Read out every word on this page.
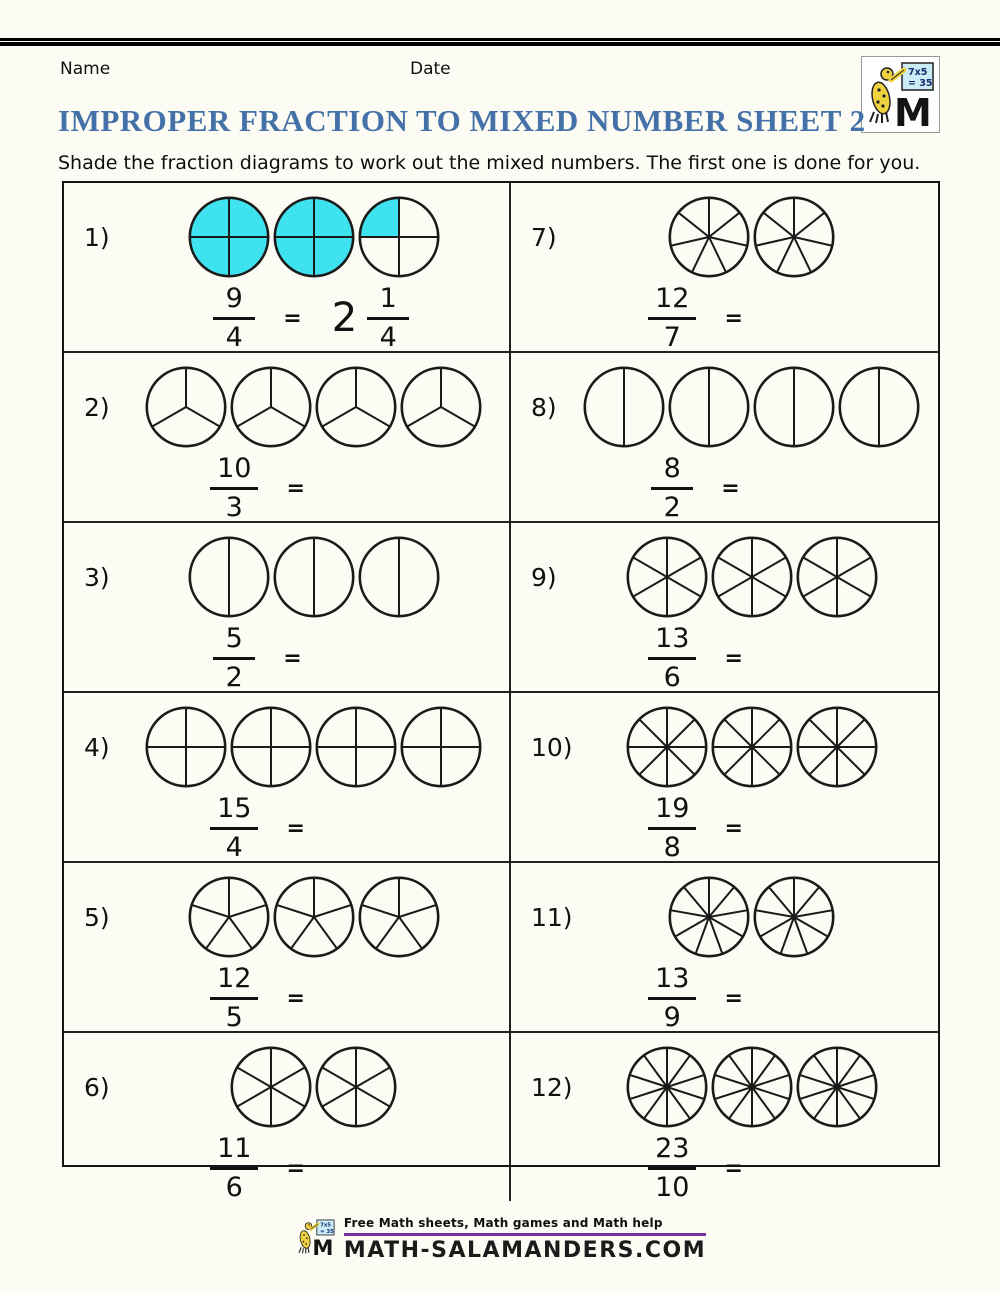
Name	Date
M
7x5
= 35
IMPROPER FRACTION TO MIXED NUMBER SHEET 2
Shade the fraction diagrams to work out the mixed numbers. The first one is done for you.
1)
$\frac{9}{4} = 2 \frac{1}{4}$
7)
$\frac{12}{7}$ =
2)
$\frac{10}{3}$ =
8)
$\frac{8}{2}$ =
3)
$\frac{5}{2}$ =
9)
$\frac{13}{6}$ =
4)
$\frac{15}{4}$ =
10)
$\frac{19}{8}$ =
5)
$\frac{12}{5}$ =
11)
$\frac{13}{9}$ =
6)
$\frac{11}{6}$ =
12)
$\frac{23}{10}$ =
M
7x5
= 35
Free Math sheets, Math games and Math help
MATH-SALAMANDERS.COM
